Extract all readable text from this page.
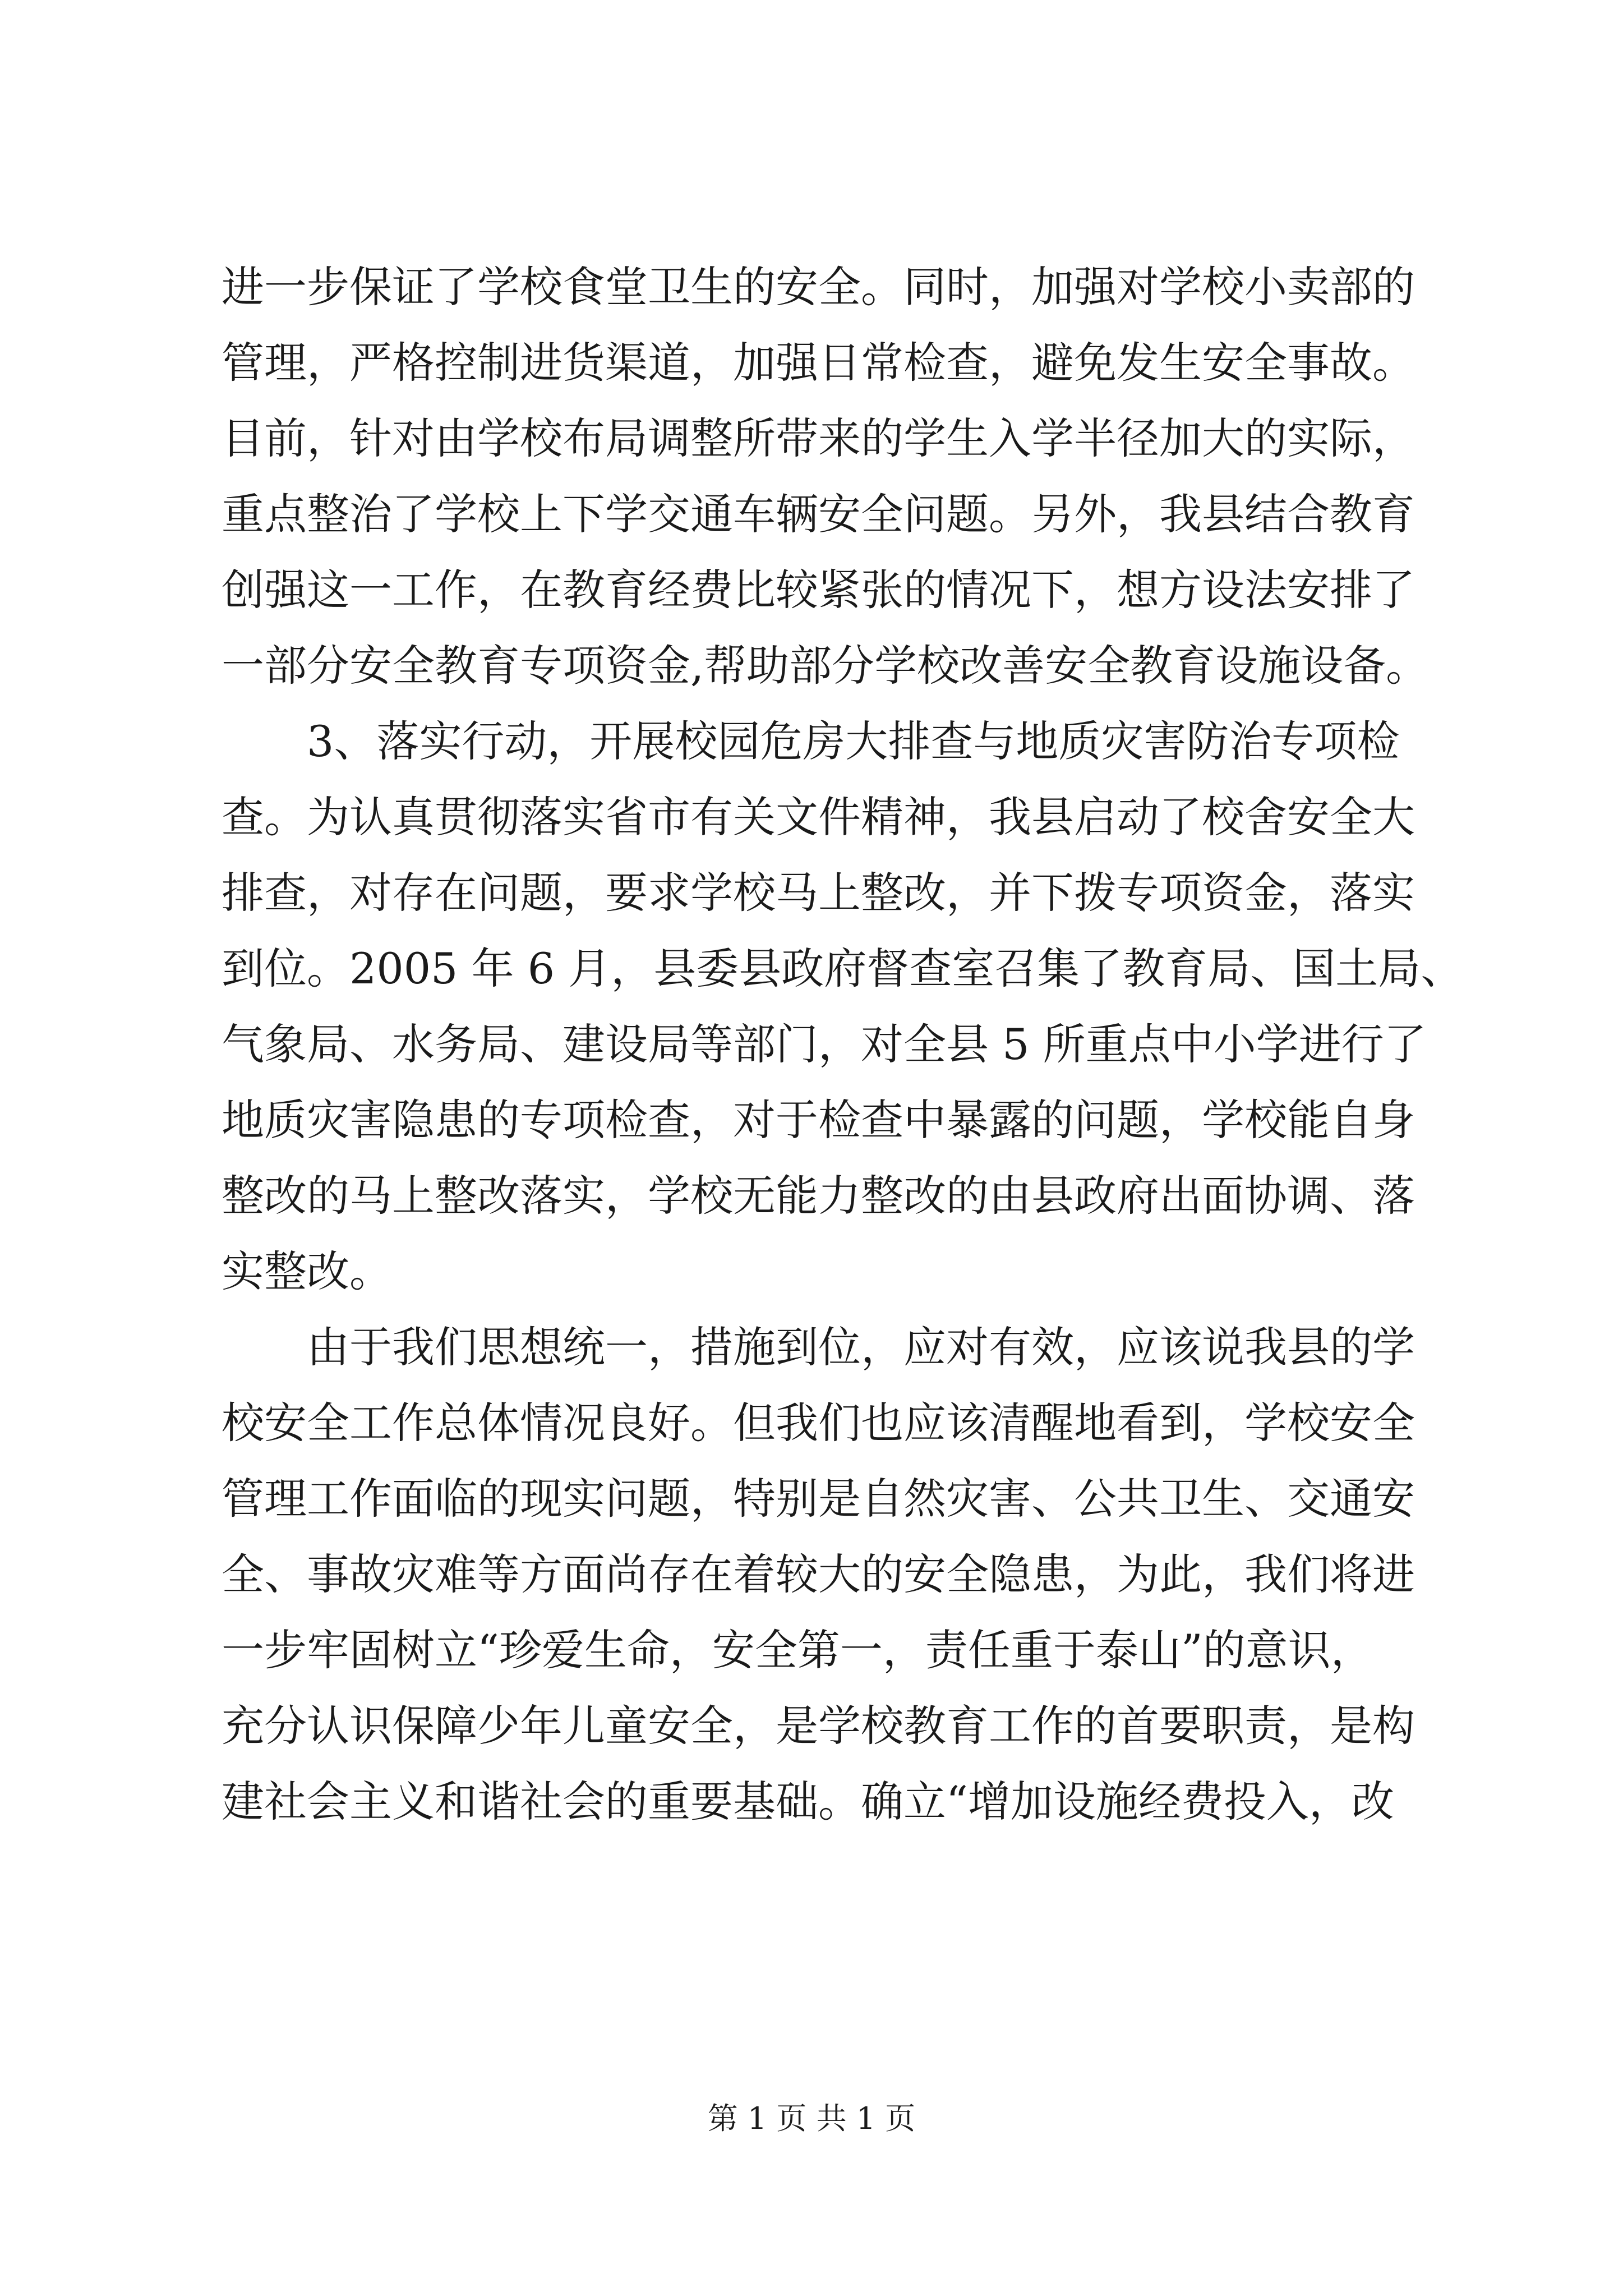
进一步保证了学校食堂卫生的安全。同时，加强对学校小卖部的
管理，严格控制进货渠道，加强日常检查，避免发生安全事故。
目前，针对由学校布局调整所带来的学生入学半径加大的实际，
重点整治了学校上下学交通车辆安全问题。另外，我县结合教育
创强这一工作，在教育经费比较紧张的情况下，想方设法安排了
一部分安全教育专项资金,帮助部分学校改善安全教育设施设备。
3、落实行动，开展校园危房大排查与地质灾害防治专项检
查。为认真贯彻落实省市有关文件精神，我县启动了校舍安全大
排查，对存在问题，要求学校马上整改，并下拨专项资金，落实
到位。2005 年 6 月，县委县政府督查室召集了教育局、国土局、
气象局、水务局、建设局等部门，对全县 5 所重点中小学进行了
地质灾害隐患的专项检查，对于检查中暴露的问题，学校能自身
整改的马上整改落实，学校无能力整改的由县政府出面协调、落
实整改。
由于我们思想统一，措施到位，应对有效，应该说我县的学
校安全工作总体情况良好。但我们也应该清醒地看到，学校安全
管理工作面临的现实问题，特别是自然灾害、公共卫生、交通安
全、事故灾难等方面尚存在着较大的安全隐患，为此，我们将进
一步牢固树立“珍爱生命，安全第一，责任重于泰山”的意识，
充分认识保障少年儿童安全，是学校教育工作的首要职责，是构
建社会主义和谐社会的重要基础。确立“增加设施经费投入，改
第 1 页 共 1 页
